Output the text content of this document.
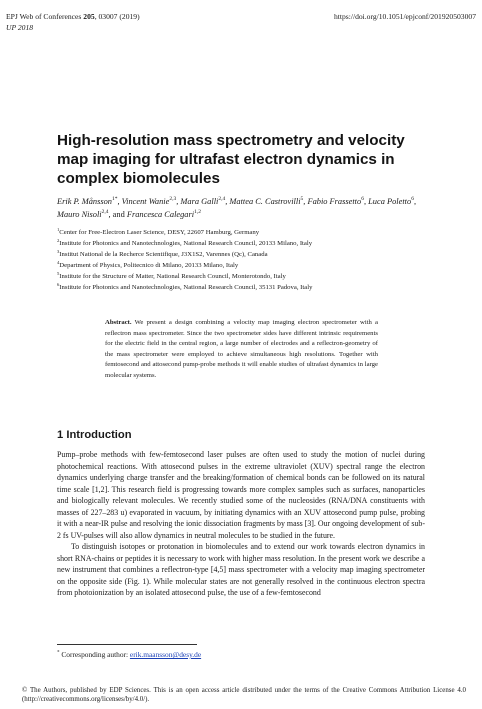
EPJ Web of Conferences 205, 03007 (2019)
UP 2018
https://doi.org/10.1051/epjconf/201920503007
High-resolution mass spectrometry and velocity map imaging for ultrafast electron dynamics in complex biomolecules
Erik P. Månsson$^{1*}$, Vincent Wanie$^{2,3}$, Mara Galli$^{2,4}$, Mattea C. Castrovilli$^5$, Fabio Frassetto$^6$, Luca Poletto$^6$, Mauro Nisoli$^{2,4}$, and Francesca Calegari$^{1,2}$
$^1$Center for Free-Electron Laser Science, DESY, 22607 Hamburg, Germany
$^2$Institute for Photonics and Nanotechnologies, National Research Council, 20133 Milano, Italy
$^3$Institut National de la Recherce Scientifique, J3X1S2, Varennes (Qc), Canada
$^4$Department of Physics, Politecnico di Milano, 20133 Milano, Italy
$^5$Institute for the Structure of Matter, National Research Council, Monterotondo, Italy
$^6$Institute for Photonics and Nanotechnologies, National Research Council, 35131 Padova, Italy
Abstract. We present a design combining a velocity map imaging electron spectrometer with a reflectron mass spectrometer. Since the two spectrometer sides have different intrinsic requirements for the electric field in the central region, a large number of electrodes and a reflectron-geometry of the mass spectrometer were employed to achieve simultaneous high resolutions. Together with femtosecond and attosecond pump-probe methods it will enable studies of ultrafast dynamics in large molecular systems.
1 Introduction

Pump–probe methods with few-femtosecond laser pulses are often used to study the motion of nuclei during photochemical reactions. With attosecond pulses in the extreme ultraviolet (XUV) spectral range the electron dynamics underlying charge transfer and the breaking/formation of chemical bonds can be followed on its natural time scale [1,2]. This research field is progressing towards more complex samples such as surfaces, nanoparticles and biologically relevant molecules. We recently studied some of the nucleosides (RNA/DNA constituents with masses of 227–283 u) evaporated in vacuum, by initiating dynamics with an XUV attosecond pump pulse, probing it with a near-IR pulse and resolving the ionic dissociation fragments by mass [3]. Our ongoing development of sub-2 fs UV-pulses will also allow dynamics in neutral molecules to be studied in the future.

To distinguish isotopes or protonation in biomolecules and to extend our work towards electron dynamics in short RNA-chains or peptides it is necessary to work with higher mass resolution. In the present work we describe a new instrument that combines a reflectron-type [4,5] mass spectrometer with a velocity map imaging spectrometer on the opposite side (Fig. 1). While molecular states are not generally resolved in the continuous electron spectra from photoionization by an isolated attosecond pulse, the use of a few-femtosecond

* Corresponding author: erik.maansson@desy.de
© The Authors, published by EDP Sciences. This is an open access article distributed under the terms of the Creative Commons Attribution License 4.0 (http://creativecommons.org/licenses/by/4.0/).
